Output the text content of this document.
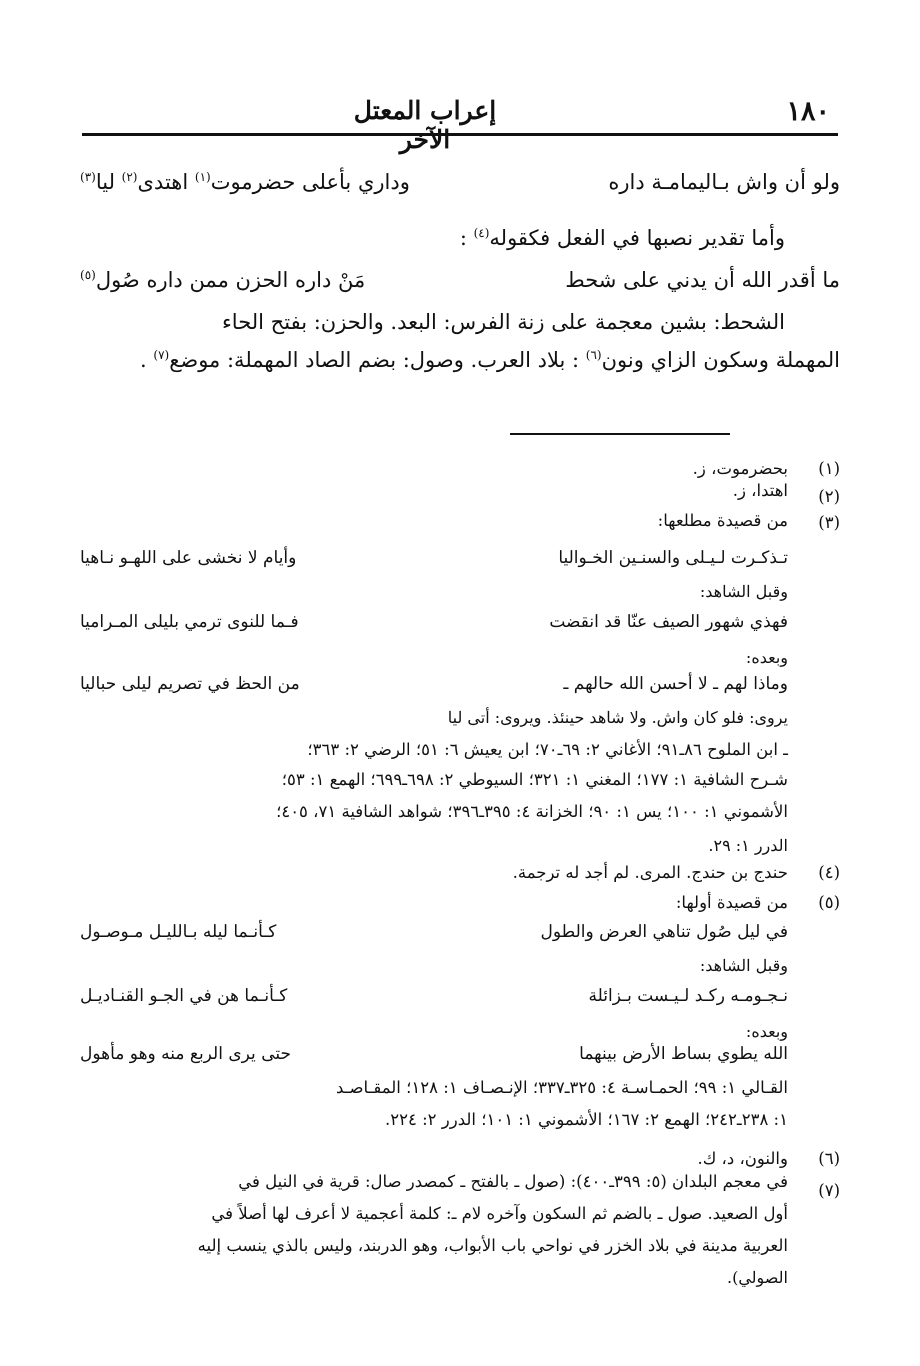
١٨٠
إعراب المعتل الآخر
ولو أن واش بـاليمامـة داره
وداري بأعلى حضرموت$^{(١)}$ اهتدى$^{(٢)}$ ليا$^{(٣)}$
وأما تقدير نصبها في الفعل فكقوله$^{(٤)}$ :
ما أقدر الله أن يدني على شحط
مَنْ داره الحزن ممن داره صُول$^{(٥)}$
الشحط: بشين معجمة على زنة الفرس: البعد. والحزن: بفتح الحاء
المهملة وسكون الزاي ونون$^{(٦)}$ : بلاد العرب. وصول: بضم الصاد المهملة: موضع$^{(٧)}$ .
(١)
بحضرموت، ز.
(٢)
اهتدا، ز.
(٣)
من قصيدة مطلعها:
تـذكـرت لـيـلى والسنـين الخـواليا
وأيام لا نخشى على اللهـو نـاهيا
وقبل الشاهد:
فهذي شهور الصيف عنّا قد انقضت
فـما للنوى ترمي بليلى المـراميا
وبعده:
وماذا لهم ـ لا أحسن الله حالهم ـ
من الحظ في تصريم ليلى حباليا
يروى: فلو كان واش. ولا شاهد حينئذ. ويروى: أتى ليا
ـ ابن الملوح ٨٦ـ٩١؛ الأغاني ٢: ٦٩ـ٧٠؛ ابن يعيش ٦: ٥١؛ الرضي ٢: ٣٦٣؛
شـرح الشافية ١: ١٧٧؛ المغني ١: ٣٢١؛ السيوطي ٢: ٦٩٨ـ٦٩٩؛ الهمع ١: ٥٣؛
الأشموني ١: ١٠٠؛ يس ١: ٩٠؛ الخزانة ٤: ٣٩٥ـ٣٩٦؛ شواهد الشافية ٧١، ٤٠٥؛
الدرر ١: ٢٩.
(٤)
حندج بن حندج. المرى. لم أجد له ترجمة.
(٥)
من قصيدة أولها:
في ليل صُول تناهي العرض والطول
كـأنـما ليله بـالليـل مـوصـول
وقبل الشاهد:
نـجـومـه ركـد لـيـست بـزائلة
كـأنـما هن في الجـو القنـاديـل
وبعده:
الله يطوي بساط الأرض بينهما
حتى يرى الربع منه وهو مأهول
القـالي ١: ٩٩؛ الحمـاسـة ٤: ٣٢٥ـ٣٣٧؛ الإنـصـاف ١: ١٢٨؛ المقـاصـد
١: ٢٣٨ـ٢٤٢؛ الهمع ٢: ١٦٧؛ الأشموني ١: ١٠١؛ الدرر ٢: ٢٢٤.
(٦)
والنون، د، ك.
(٧)
في معجم البلدان (٥: ٣٩٩ـ٤٠٠): (صول ـ بالفتح ـ كمصدر صال: قرية في النيل في
أول الصعيد. صول ـ بالضم ثم السكون وآخره لام ـ: كلمة أعجمية لا أعرف لها أصلاً في
العربية مدينة في بلاد الخزر في نواحي باب الأبواب، وهو الدربند، وليس بالذي ينسب إليه
الصولي).
